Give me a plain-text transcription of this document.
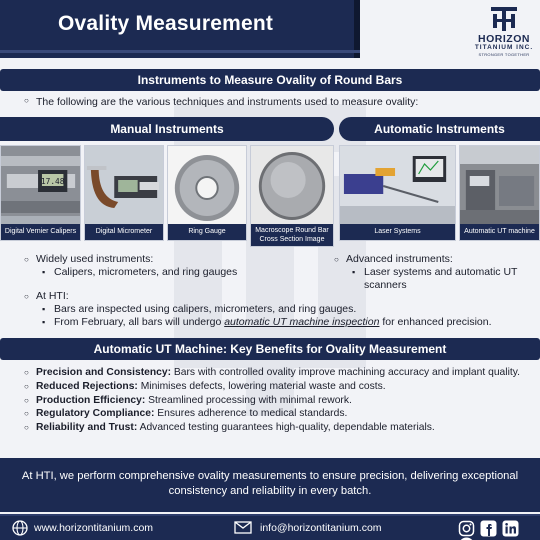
Ovality Measurement
HORIZON
TITANIUM INC.
STRONGER TOGETHER
Instruments to Measure Ovality of Round Bars
○ The following are the various techniques and instruments used to measure ovality:
Manual Instruments	Automatic Instruments
17.48
Digital Vernier Calipers	Digital Micrometer	Ring Gauge	Macroscope Round Bar Cross Section Image
Laser Systems	Automatic UT machine
○ Widely used instruments:
▪ Calipers, micrometers, and ring gauges
○ Advanced instruments:
▪ Laser systems and automatic UT
scanners
○ At HTI:
▪ Bars are inspected using calipers, micrometers, and ring gauges.
▪ From February, all bars will undergo automatic UT machine inspection for enhanced precision.
Automatic UT Machine: Key Benefits for Ovality Measurement
○ Precision and Consistency: Bars with controlled ovality improve machining accuracy and implant quality.
○ Reduced Rejections: Minimises defects, lowering material waste and costs.
○ Production Efficiency: Streamlined processing with minimal rework.
○ Regulatory Compliance: Ensures adherence to medical standards.
○ Reliability and Trust: Advanced testing guarantees high-quality, dependable materials.
At HTI, we perform comprehensive ovality measurements to ensure precision, delivering exceptional consistency and reliability in every batch.
www.horizontitanium.com	info@horizontitanium.com
